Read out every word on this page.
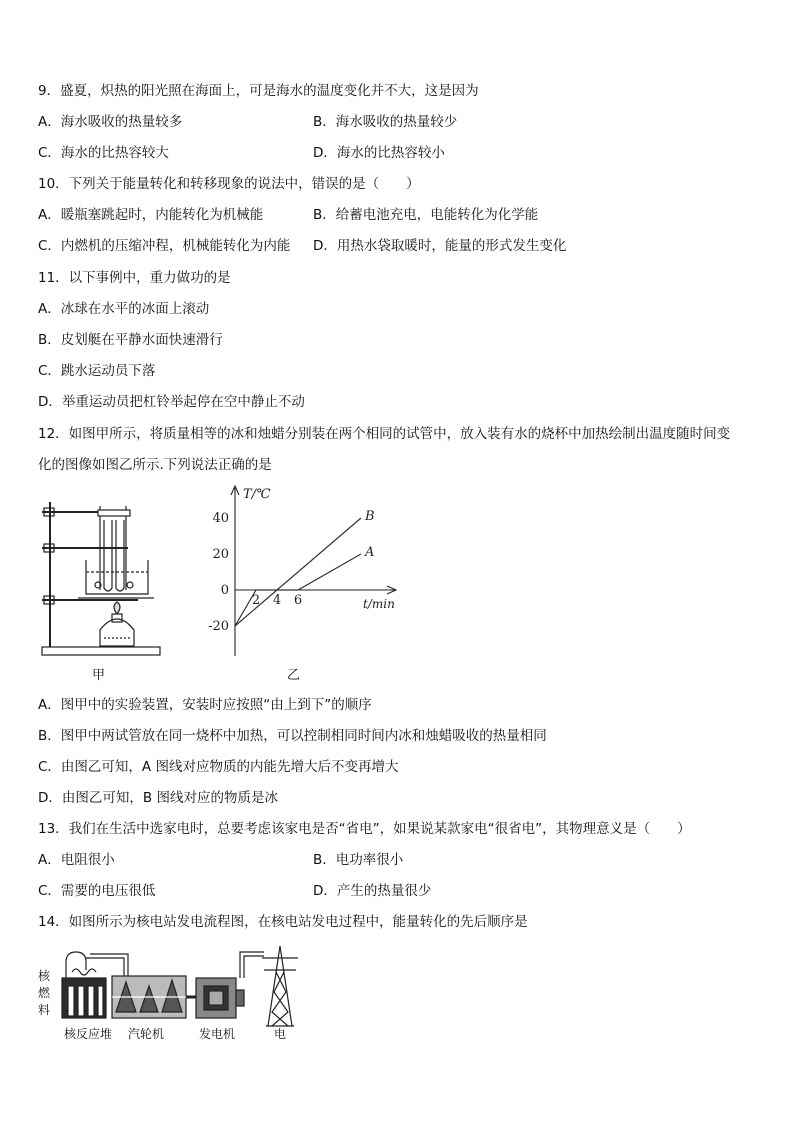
9．盛夏，炽热的阳光照在海面上，可是海水的温度变化并不大，这是因为
A．海水吸收的热量较多	B．海水吸收的热量较少
C．海水的比热容较大	D．海水的比热容较小
10．下列关于能量转化和转移现象的说法中，错误的是（　　）
A．暖瓶塞跳起时，内能转化为机械能	B．给蓄电池充电，电能转化为化学能
C．内燃机的压缩冲程，机械能转化为内能 D．用热水袋取暖时，能量的形式发生变化
11．以下事例中，重力做功的是
A．冰球在水平的冰面上滚动
B．皮划艇在平静水面快速滑行
C．跳水运动员下落
D．举重运动员把杠铃举起停在空中静止不动
12．如图甲所示，将质量相等的冰和烛蜡分别装在两个相同的试管中，放入装有水的烧杯中加热绘制出温度随时间变
化的图像如图乙所示.下列说法正确的是
甲
40
20
0
-20
2 4 6
T/℃
t/min
A
B
乙
A．图甲中的实验装置，安装时应按照“由上到下”的顺序
B．图甲中两试管放在同一烧杯中加热，可以控制相同时间内冰和烛蜡吸收的热量相同
C．由图乙可知，A 图线对应物质的内能先增大后不变再增大
D．由图乙可知，B 图线对应的物质是冰
13．我们在生活中选家电时，总要考虑该家电是否“省电”，如果说某款家电“很省电”，其物理意义是（　　）
A．电阻很小	B．电功率很小
C．需要的电压很低	D．产生的热量很少
14．如图所示为核电站发电流程图，在核电站发电过程中，能量转化的先后顺序是
核
燃
料
核反应堆 汽轮机	发电机	电
